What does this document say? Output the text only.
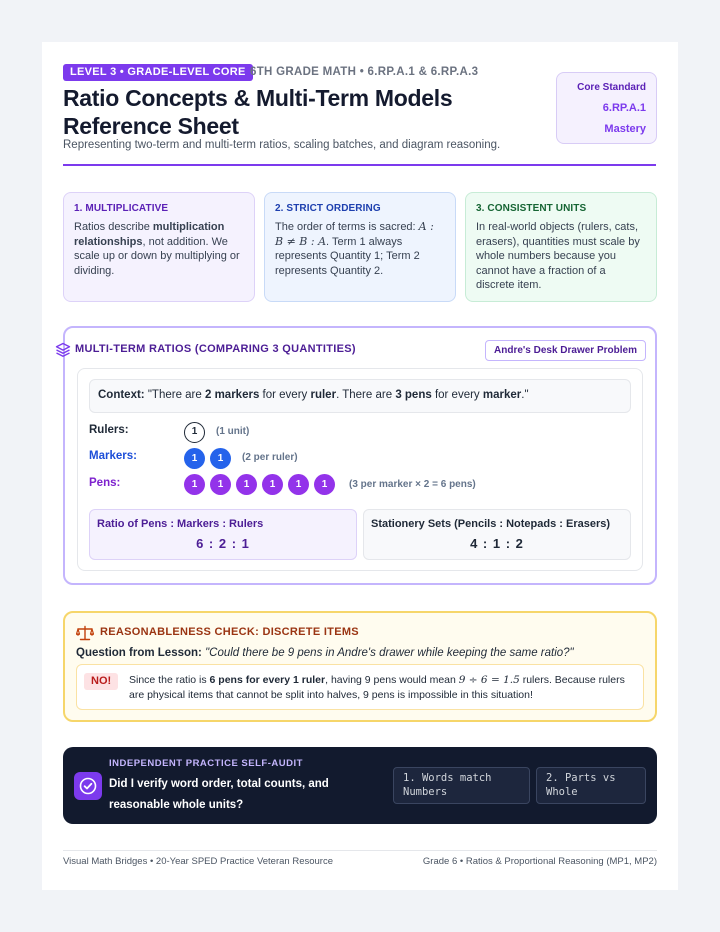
LEVEL 3 • GRADE-LEVEL CORE 6TH GRADE MATH • 6.RP.A.1 & 6.RP.A.3
Ratio Concepts & Multi-Term Models Reference Sheet
Representing two-term and multi-term ratios, scaling batches, and diagram reasoning.
Core Standard
6.RP.A.1
Mastery
1. MULTIPLICATIVE
Ratios describe multiplication relationships, not addition. We scale up or down by multiplying or dividing.
2. STRICT ORDERING
The order of terms is sacred: A : B ≠ B : A. Term 1 always represents Quantity 1; Term 2 represents Quantity 2.
3. CONSISTENT UNITS
In real-world objects (rulers, cats, erasers), quantities must scale by whole numbers because you cannot have a fraction of a discrete item.
MULTI-TERM RATIOS (COMPARING 3 QUANTITIES)	Andre's Desk Drawer Problem
Context: "There are 2 markers for every ruler. There are 3 pens for every marker."
Rulers:
Markers:
Pens:
1
1	1
1	1	1	1	1	1
(1 unit)
(2 per ruler)
(3 per marker × 2 = 6 pens)
Ratio of Pens : Markers : Rulers
6 : 2 : 1
Stationery Sets (Pencils : Notepads : Erasers)
4 : 1 : 2
REASONABLENESS CHECK: DISCRETE ITEMS
Question from Lesson: "Could there be 9 pens in Andre's drawer while keeping the same ratio?"
NO!	Since the ratio is 6 pens for every 1 ruler, having 9 pens would mean 9 ÷ 6 = 1.5 rulers. Because rulers are physical items that cannot be split into halves, 9 pens is impossible in this situation!
INDEPENDENT PRACTICE SELF-AUDIT
Did I verify word order, total counts, and reasonable whole units?
1. Words match Numbers
2. Parts vs Whole
Visual Math Bridges • 20-Year SPED Practice Veteran Resource	Grade 6 • Ratios & Proportional Reasoning (MP1, MP2)
